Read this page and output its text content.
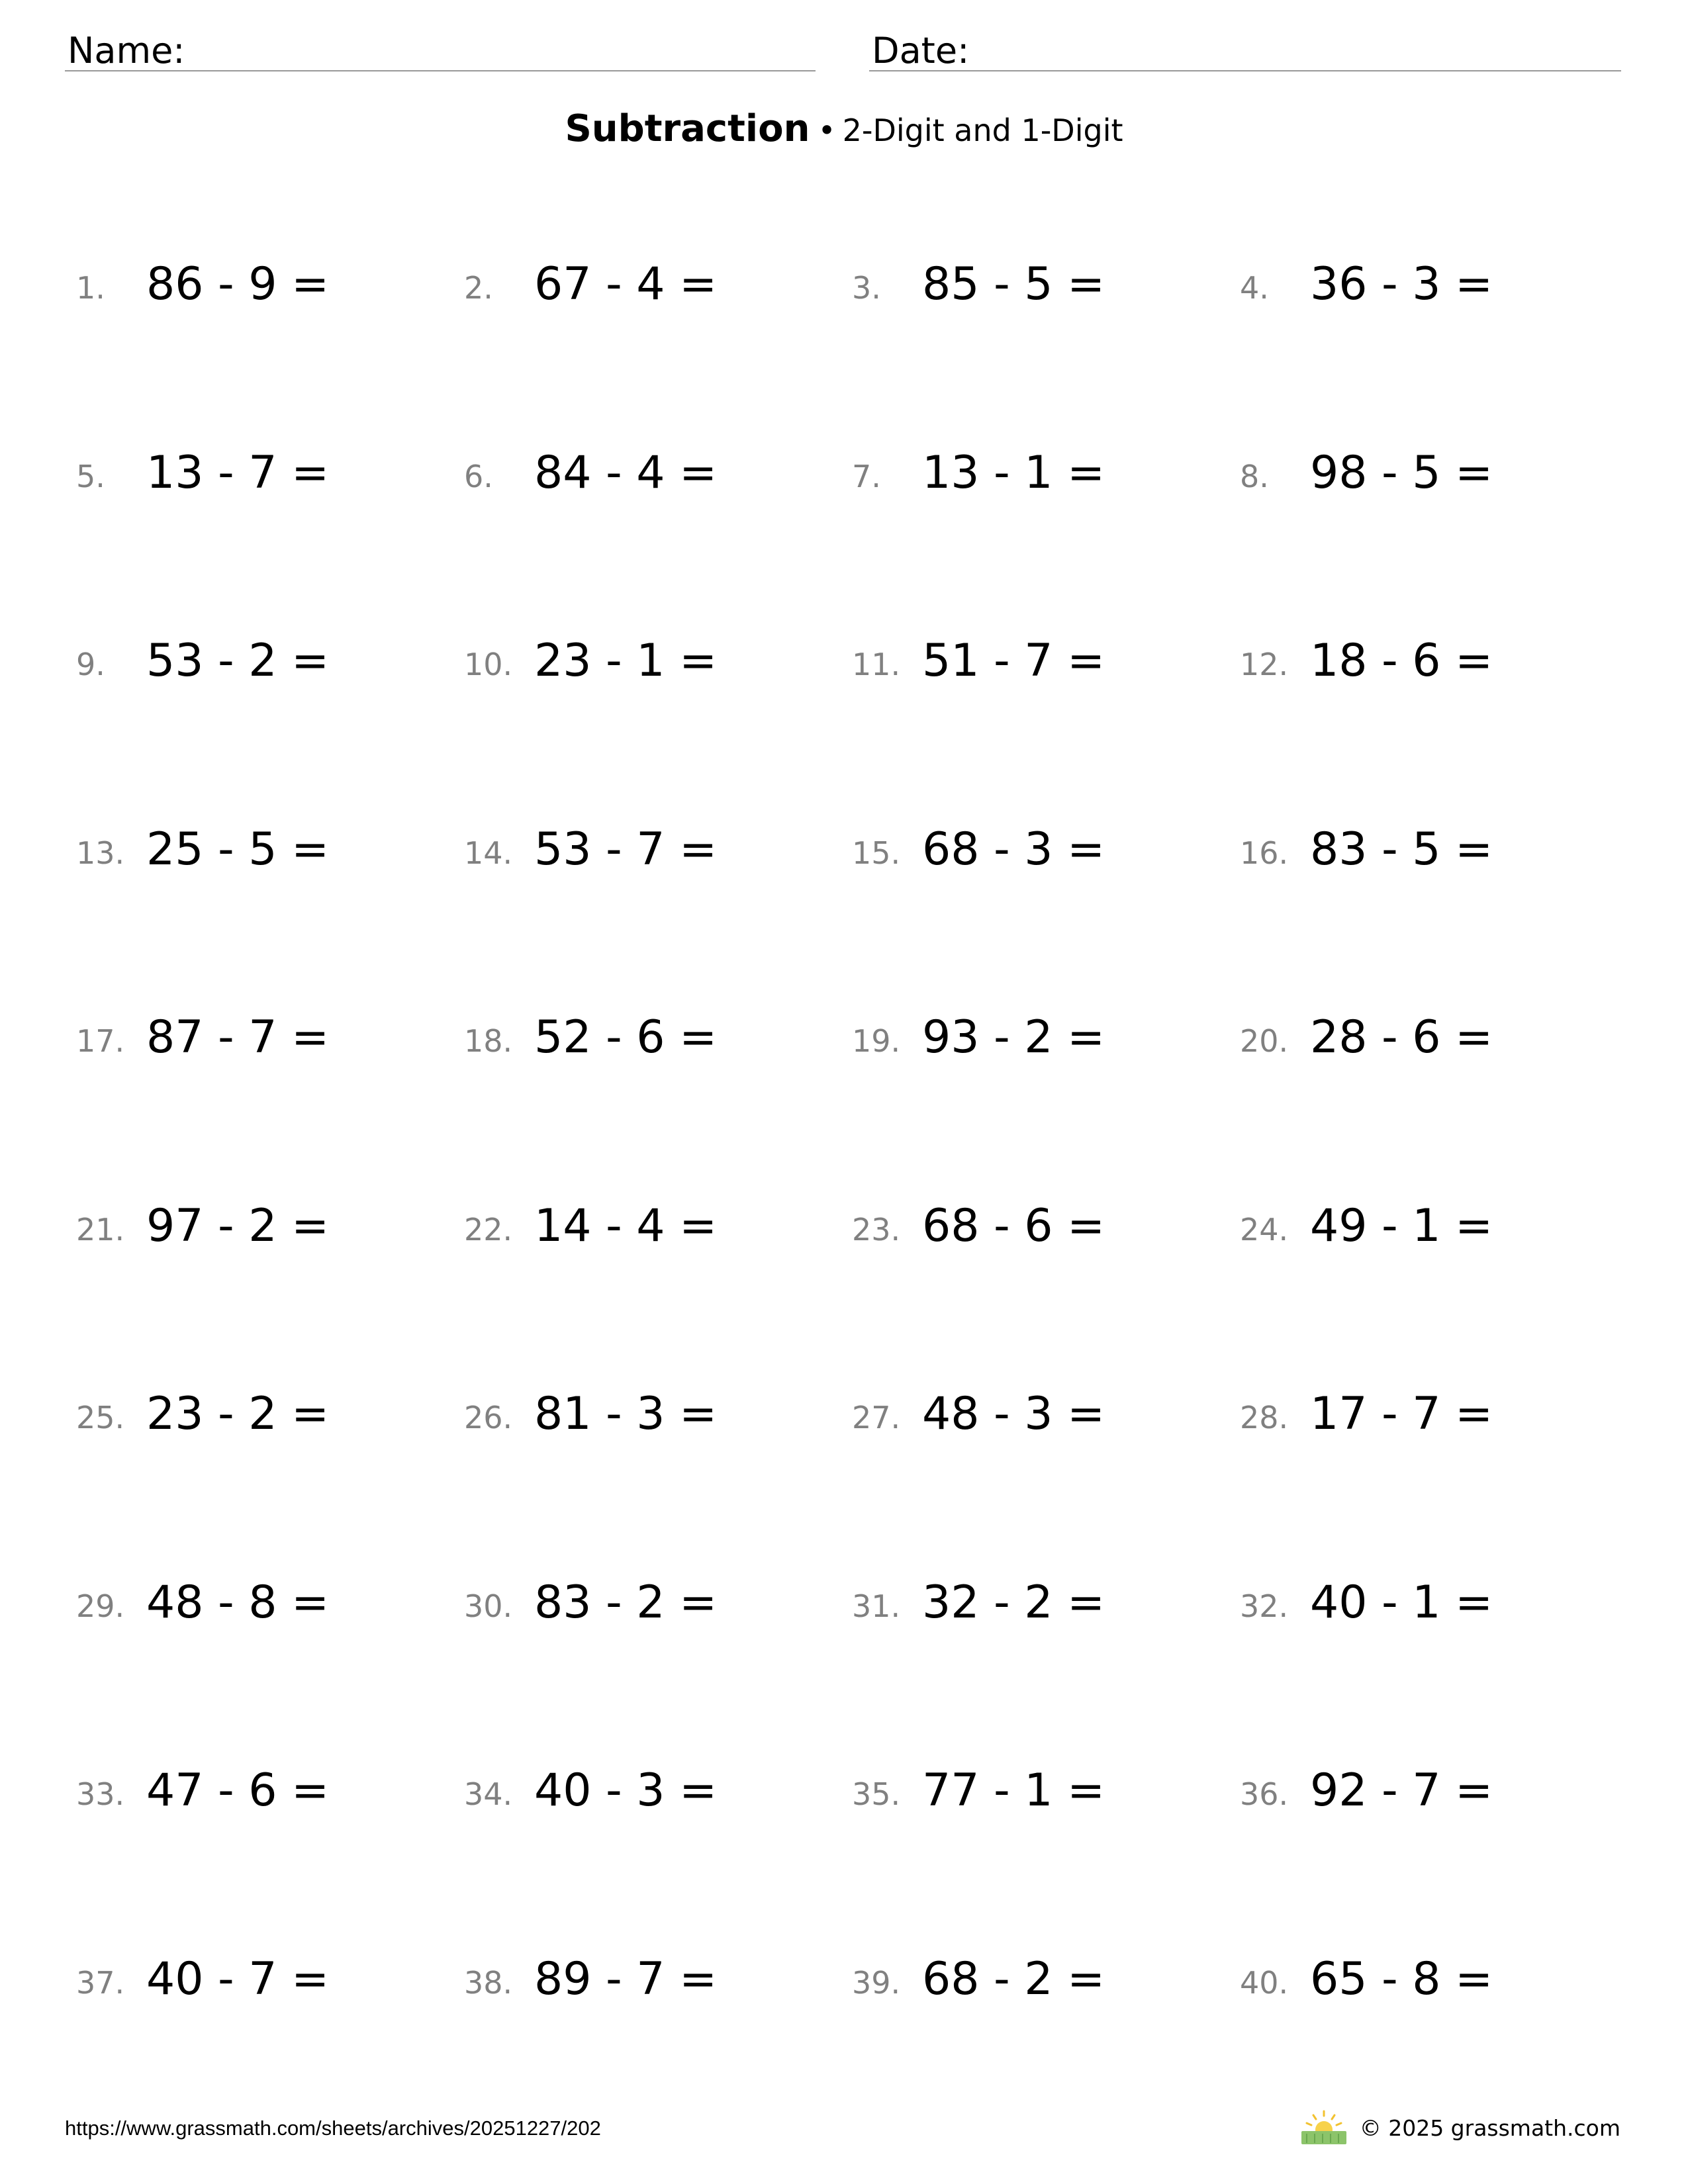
Name:	Date:
Subtraction • 2-Digit and 1-Digit
1. 86 - 9 =	2. 67 - 4 =	3. 85 - 5 =	4. 36 - 3 =
5. 13 - 7 =	6. 84 - 4 =	7. 13 - 1 =	8. 98 - 5 =
9. 53 - 2 =	10. 23 - 1 =	11. 51 - 7 =	12. 18 - 6 =
13. 25 - 5 =	14. 53 - 7 =	15. 68 - 3 =	16. 83 - 5 =
17. 87 - 7 =	18. 52 - 6 =	19. 93 - 2 =	20. 28 - 6 =
21. 97 - 2 =	22. 14 - 4 =	23. 68 - 6 =	24. 49 - 1 =
25. 23 - 2 =	26. 81 - 3 =	27. 48 - 3 =	28. 17 - 7 =
29. 48 - 8 =	30. 83 - 2 =	31. 32 - 2 =	32. 40 - 1 =
33. 47 - 6 =	34. 40 - 3 =	35. 77 - 1 =	36. 92 - 7 =
37. 40 - 7 =	38. 89 - 7 =	39. 68 - 2 =	40. 65 - 8 =
https://www.grassmath.com/sheets/archives/20251227/202	© 2025 grassmath.com
